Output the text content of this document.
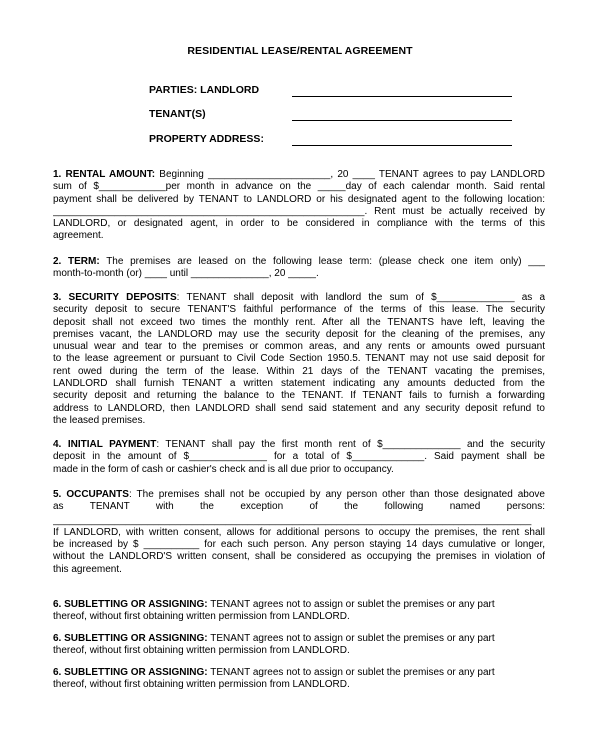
RESIDENTIAL LEASE/RENTAL AGREEMENT
PARTIES: LANDLORD
TENANT(S)
PROPERTY ADDRESS:
1. RENTAL AMOUNT: Beginning ______________________, 20 ____ TENANT agrees to pay LANDLORD
sum of $____________per month in advance on the _____day of each calendar month. Said rental
payment shall be delivered by TENANT to LANDLORD or his designated agent to the following location:
________________________________________________________. Rent must be actually received by
LANDLORD, or designated agent, in order to be considered in compliance with the terms of this
agreement.
2. TERM: The premises are leased on the following lease term: (please check one item only) ___
month-to-month (or) ____ until ______________, 20 _____.
3. SECURITY DEPOSITS: TENANT shall deposit with landlord the sum of $______________ as a
security deposit to secure TENANT'S faithful performance of the terms of this lease. The security
deposit shall not exceed two times the monthly rent. After all the TENANTS have left, leaving the
premises vacant, the LANDLORD may use the security deposit for the cleaning of the premises, any
unusual wear and tear to the premises or common areas, and any rents or amounts owed pursuant
to the lease agreement or pursuant to Civil Code Section 1950.5. TENANT may not use said deposit for
rent owed during the term of the lease. Within 21 days of the TENANT vacating the premises,
LANDLORD shall furnish TENANT a written statement indicating any amounts deducted from the
security deposit and returning the balance to the TENANT. If TENANT fails to furnish a forwarding
address to LANDLORD, then LANDLORD shall send said statement and any security deposit refund to
the leased premises.
4. INITIAL PAYMENT: TENANT shall pay the first month rent of $______________ and the security
deposit in the amount of $______________ for a total of $_____________. Said payment shall be
made in the form of cash or cashier's check and is all due prior to occupancy.
5. OCCUPANTS: The premises shall not be occupied by any person other than those designated above
as TENANT with the exception of the following named persons:
______________________________________________________________________________________
If LANDLORD, with written consent, allows for additional persons to occupy the premises, the rent shall
be increased by $ __________ for each such person. Any person staying 14 days cumulative or longer,
without the LANDLORD'S written consent, shall be considered as occupying the premises in violation of
this agreement.
6. SUBLETTING OR ASSIGNING: TENANT agrees not to assign or sublet the premises or any part
thereof, without first obtaining written permission from LANDLORD.
6. SUBLETTING OR ASSIGNING: TENANT agrees not to assign or sublet the premises or any part
thereof, without first obtaining written permission from LANDLORD.
6. SUBLETTING OR ASSIGNING: TENANT agrees not to assign or sublet the premises or any part
thereof, without first obtaining written permission from LANDLORD.
